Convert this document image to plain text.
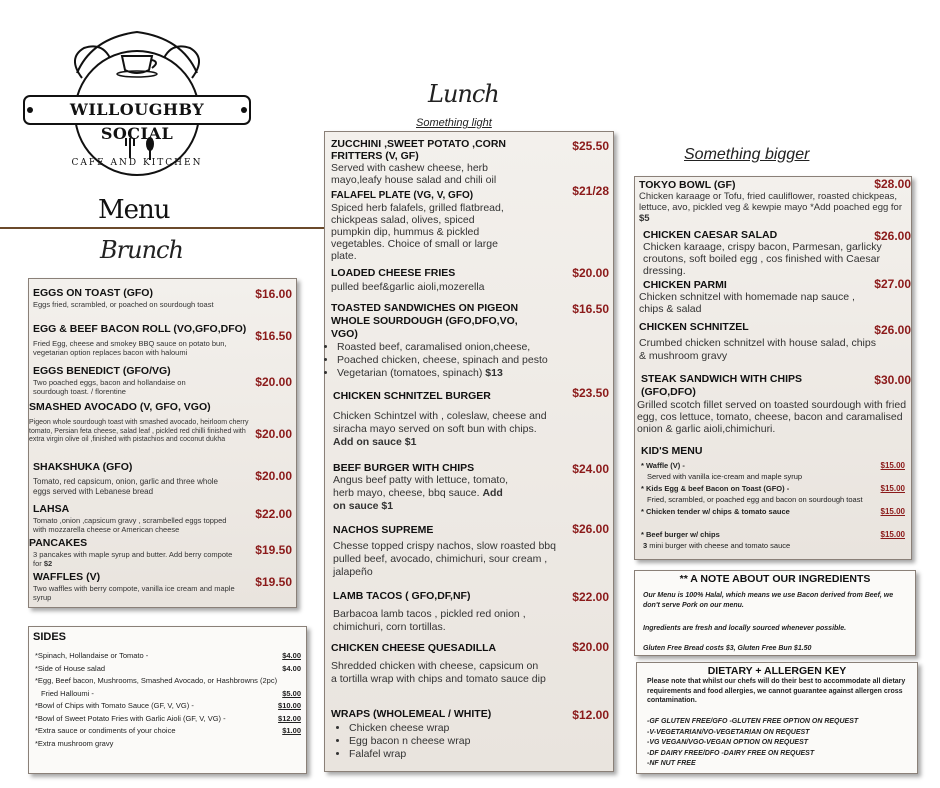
WILLOUGHBY SOCIAL
CAFE AND KITCHEN
Menu
Brunch
EGGS ON TOAST (GFO)	$16.00
Eggs fried, scrambled, or poached on sourdough toast
EGG & BEEF BACON ROLL (VO,GFO,DFO) $16.50
Fried Egg, cheese and smokey BBQ sauce on potato bun, vegetarian option replaces bacon with haloumi
EGGS BENEDICT (GFO/VG)
$20.00
Two poached eggs, bacon and hollandaise on sourdough toast. / florentine
SMASHED AVOCADO (V, GFO, VGO)
$20.00
Pigeon whole sourdough toast with smashed avocado, heirloom cherry tomato, Persian feta cheese, salad leaf , pickled red chilli finished with extra virgin olive oil ,finished with pistachios and coconut dukha
SHAKSHUKA (GFO)
$20.00
Tomato, red capsicum, onion, garlic and three whole eggs served with Lebanese bread
LAHSA	$22.00
Tomato ,onion ,capsicum gravy , scrambelled eggs topped with mozzarella cheese or American cheese
PANCAKES	$19.50
3 pancakes with maple syrup and butter. Add berry compote for $2
WAFFLES (V)	$19.50
Two waffles with berry compote, vanilla ice cream and maple syrup
SIDES
*Spinach, Hollandaise or Tomato -	$4.00
*Side of House salad	$4.00
*Egg, Beef bacon, Mushrooms, Smashed Avocado, or Hashbrowns (2pc)
Fried Halloumi -	$5.00
*Bowl of Chips with Tomato Sauce (GF, V, VG) -	$10.00
*Bowl of Sweet Potato Fries with Garlic Aioli (GF, V, VG) -	$12.00
*Extra sauce or condiments of your choice	$1.00
*Extra mushroom gravy
Lunch
Something light
ZUCCHINI ,SWEET POTATO ,CORN FRITTERS (V, GF)
$25.50
Served with cashew cheese, herb mayo,leafy house salad and chili oil
FALAFEL PLATE (VG, V, GFO)	$21/28
Spiced herb falafels, grilled flatbread, chickpeas salad, olives, spiced pumpkin dip, hummus & pickled vegetables. Choice of small or large plate.
LOADED CHEESE FRIES	$20.00
pulled beef&garlic aioli,mozerella
TOASTED SANDWICHES ON PIGEON WHOLE SOURDOUGH (GFO,DFO,VO, VGO)
$16.50
• Roasted beef, caramalised onion,cheese,
• Poached chicken, cheese, spinach and pesto
• Vegetarian (tomatoes, spinach) $13
CHICKEN SCHNITZEL BURGER	$23.50
Chicken Schintzel with , coleslaw, cheese and siracha mayo served on soft bun with chips. Add on sauce $1
BEEF BURGER WITH CHIPS	$24.00
Angus beef patty with lettuce, tomato, herb mayo, cheese, bbq sauce. Add on sauce $1
NACHOS SUPREME	$26.00
Chesse topped crispy nachos, slow roasted bbq pulled beef, avocado, chimichuri, sour cream , jalapeño
LAMB TACOS ( GFO,DF,NF)	$22.00
Barbacoa lamb tacos , pickled red onion , chimichuri, corn tortillas.
CHICKEN CHEESE QUESADILLA	$20.00
Shredded chicken with cheese, capsicum on a tortilla wrap with chips and tomato sauce dip
WRAPS (WHOLEMEAL / WHITE)	$12.00
• Chicken cheese wrap
• Egg bacon n cheese wrap
• Falafel wrap
Something bigger
TOKYO BOWL (GF)	$28.00
Chicken karaage or Tofu, fried cauliflower, roasted chickpeas, lettuce, avo, pickled veg & kewpie mayo *Add poached egg for $5
CHICKEN CAESAR SALAD	$26.00
Chicken karaage, crispy bacon, Parmesan, garlicky croutons, soft boiled egg , cos finished with Caesar dressing.
CHICKEN PARMI	$27.00
Chicken schnitzel with homemade nap sauce , chips & salad
CHICKEN SCHNITZEL	$26.00
Crumbed chicken schnitzel with house salad, chips & mushroom gravy
STEAK SANDWICH WITH CHIPS (GFO,DFO)
$30.00
Grilled scotch fillet served on toasted sourdough with fried egg, cos lettuce, tomato, cheese, bacon and caramalised onion & garlic aioli,chimichuri.
KID'S MENU
* Waffle (V) -	$15.00
Served with vanilla ice-cream and maple syrup
* Kids Egg & beef Bacon on Toast (GFO) -	$15.00
Fried, scrambled, or poached egg and bacon on sourdough toast
* Chicken tender w/ chips & tomato sauce	$15.00
* Beef burger w/ chips	$15.00
3 mini burger with cheese and tomato sauce
** A NOTE ABOUT OUR INGREDIENTS
Our Menu is 100% Halal, which means we use Bacon derived from Beef, we don't serve Pork on our menu.
Ingredients are fresh and locally sourced whenever possible.
Gluten Free Bread costs $3, Gluten Free Bun $1.50
DIETARY + ALLERGEN KEY
Please note that whilst our chefs will do their best to accommodate all dietary requirements and food allergies, we cannot guarantee against allergen cross contamination.
-GF GLUTEN FREE/GFO -GLUTEN FREE OPTION ON REQUEST
-V-VEGETARIAN/VO-VEGETARIAN ON REQUEST
-VG VEGAN/VGO-VEGAN OPTION ON REQUEST
-DF DAIRY FREE/DFO -DAIRY FREE ON REQUEST
-NF NUT FREE
